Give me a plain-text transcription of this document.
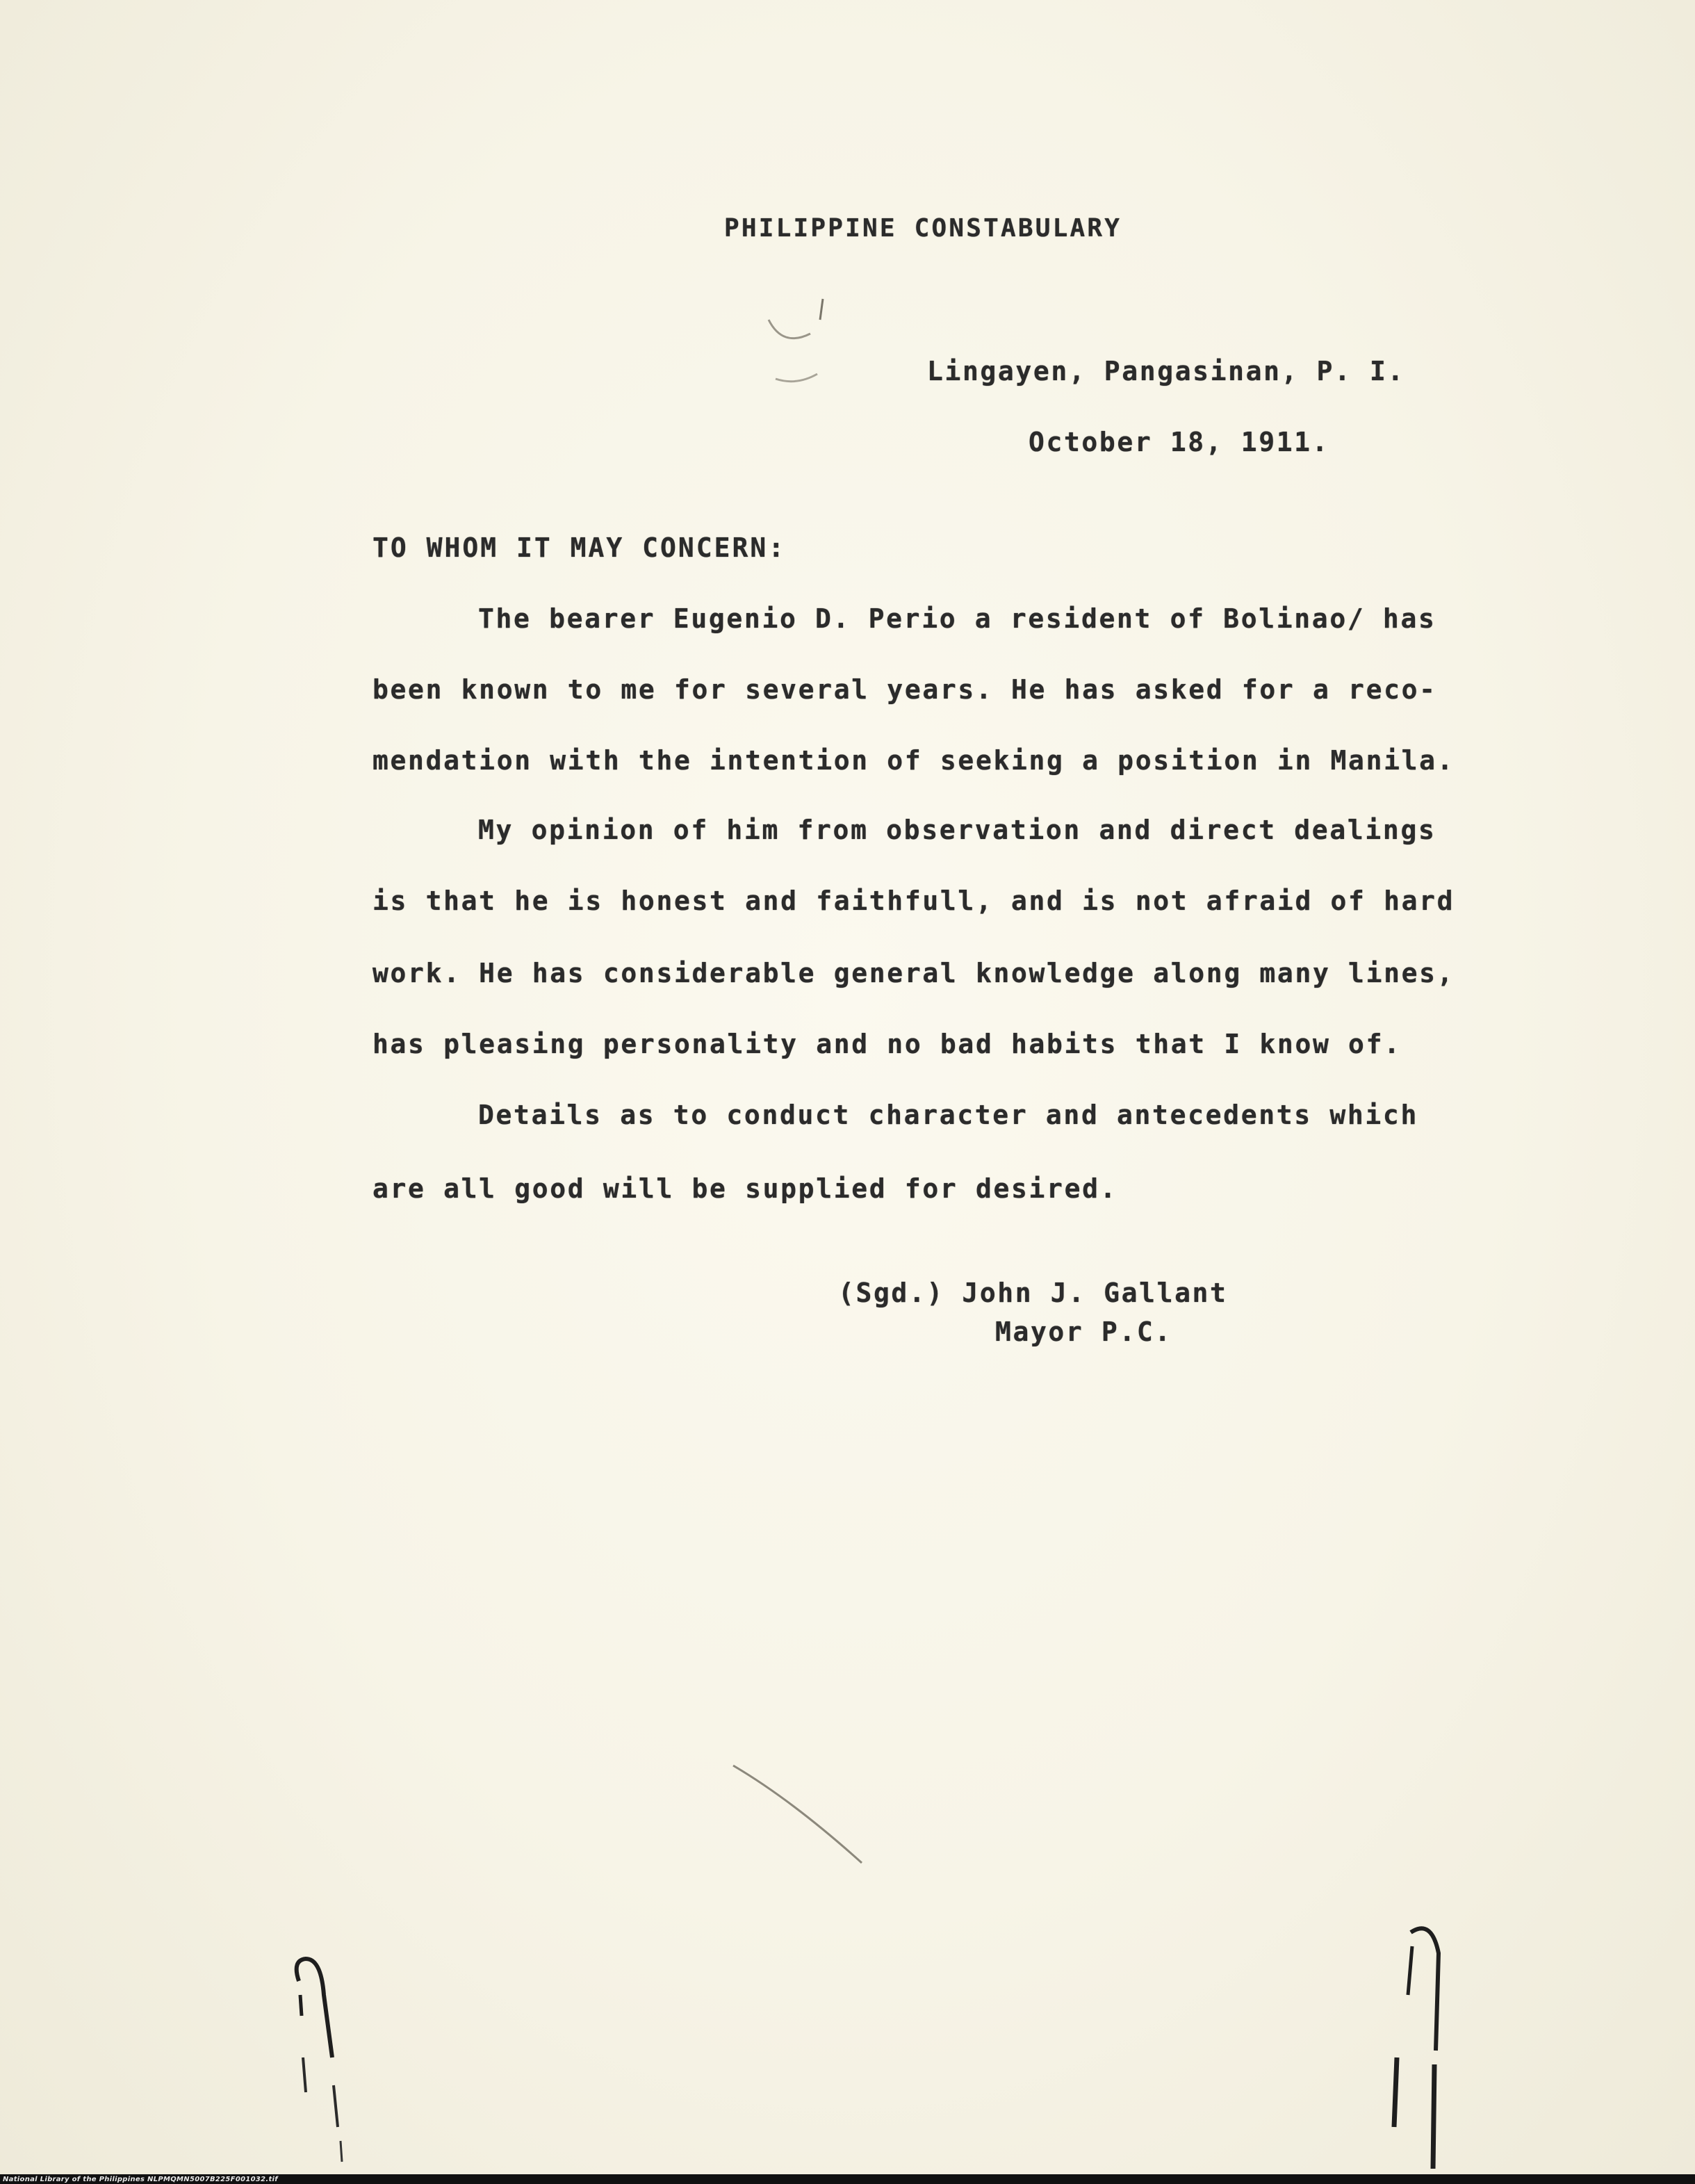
PHILIPPINE CONSTABULARY
Lingayen, Pangasinan, P. I.
October 18, 1911.
TO WHOM IT MAY CONCERN:
The bearer Eugenio D. Perio a resident of Bolinao/ has
been known to me for several years. He has asked for a reco-
mendation with the intention of seeking a position in Manila.
My opinion of him from observation and direct dealings
is that he is honest and faithfull, and is not afraid of hard
work. He has considerable general knowledge along many lines,
has pleasing personality and no bad habits that I know of.
Details as to conduct character and antecedents which
are all good will be supplied for desired.
(Sgd.) John J. Gallant
Mayor P.C.
National Library of the Philippines NLPMQMN5007B225F001032.tif
